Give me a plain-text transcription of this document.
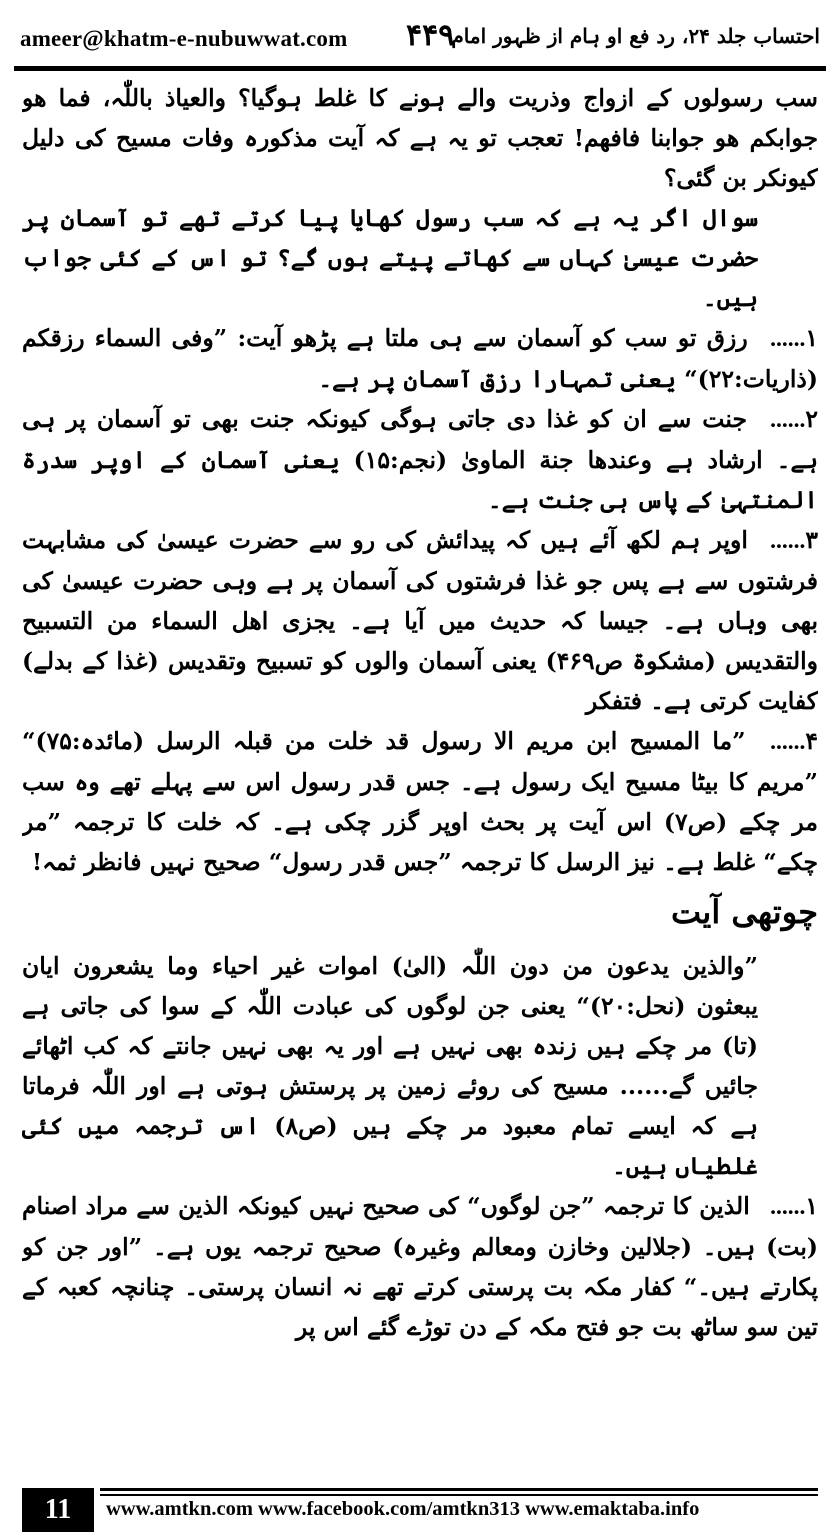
ameer@khatm-e-nubuwwat.com ۴۴۹
احتساب جلد ۲۴، رد فع او ہام از ظہور امام

سب رسولوں کے ازواج وذریت والے ہونے کا غلط ہوگیا؟ والعیاذ باللّٰہ، فما ھو جوابکم ھو جوابنا فافھم! تعجب تو یہ ہے کہ آیت مذکورہ وفات مسیح کی دلیل کیونکر بن گئی؟

سوال اگر یہ ہے کہ سب رسول کھایا پیا کرتے تھے تو آسمان پر حضرت عیسیٰ کہاں سے کھاتے پیتے ہوں گے؟ تو اس کے کئی جواب ہیں۔

۱...... رزق تو سب کو آسمان سے ہی ملتا ہے پڑھو آیت: ”وفی السماء رزقکم (ذاریات:۲۲)“ یعنی تمہارا رزق آسمان پر ہے۔

۲...... جنت سے ان کو غذا دی جاتی ہوگی کیونکہ جنت بھی تو آسمان پر ہی ہے۔ ارشاد ہے وعندھا جنة الماویٰ (نجم:۱۵) یعنی آسمان کے اوپر سدرۃ المنتہیٰ کے پاس ہی جنت ہے۔

۳...... اوپر ہم لکھ آئے ہیں کہ پیدائش کی رو سے حضرت عیسیٰ کی مشابہت فرشتوں سے ہے پس جو غذا فرشتوں کی آسمان پر ہے وہی حضرت عیسیٰ کی بھی وہاں ہے۔ جیسا کہ حدیث میں آیا ہے۔ یجزی اھل السماء من التسبیح والتقدیس (مشکوۃ ص۴۶۹) یعنی آسمان والوں کو تسبیح وتقدیس (غذا کے بدلے) کفایت کرتی ہے۔ فتفکر

۴...... ”ما المسیح ابن مریم الا رسول قد خلت من قبلہ الرسل (مائدہ:۷۵)“ ”مریم کا بیٹا مسیح ایک رسول ہے۔ جس قدر رسول اس سے پہلے تھے وہ سب مر چکے (ص۷) اس آیت پر بحث اوپر گزر چکی ہے۔ کہ خلت کا ترجمہ ”مر چکے“ غلط ہے۔ نیز الرسل کا ترجمہ ”جس قدر رسول“ صحیح نہیں فانظر ثمہ!

چوتھی آیت

”والذین یدعون من دون اللّٰہ (الیٰ) اموات غیر احیاء وما یشعرون ایان یبعثون (نحل:۲۰)“ یعنی جن لوگوں کی عبادت اللّٰہ کے سوا کی جاتی ہے (تا) مر چکے ہیں زندہ بھی نہیں ہے اور یہ بھی نہیں جانتے کہ کب اٹھائے جائیں گے...... مسیح کی روئے زمین پر پرستش ہوتی ہے اور اللّٰہ فرماتا ہے کہ ایسے تمام معبود مر چکے ہیں (ص۸) اس ترجمہ میں کئی غلطیاں ہیں۔

۱...... الذین کا ترجمہ ”جن لوگوں“ کی صحیح نہیں کیونکہ الذین سے مراد اصنام (بت) ہیں۔ (جلالین وخازن ومعالم وغیرہ) صحیح ترجمہ یوں ہے۔ ”اور جن کو پکارتے ہیں۔“ کفار مکہ بت پرستی کرتے تھے نہ انسان پرستی۔ چنانچہ کعبہ کے تین سو ساٹھ بت جو فتح مکہ کے دن توڑے گئے اس پر

11	www.amtkn.com www.facebook.com/amtkn313 www.emaktaba.info
